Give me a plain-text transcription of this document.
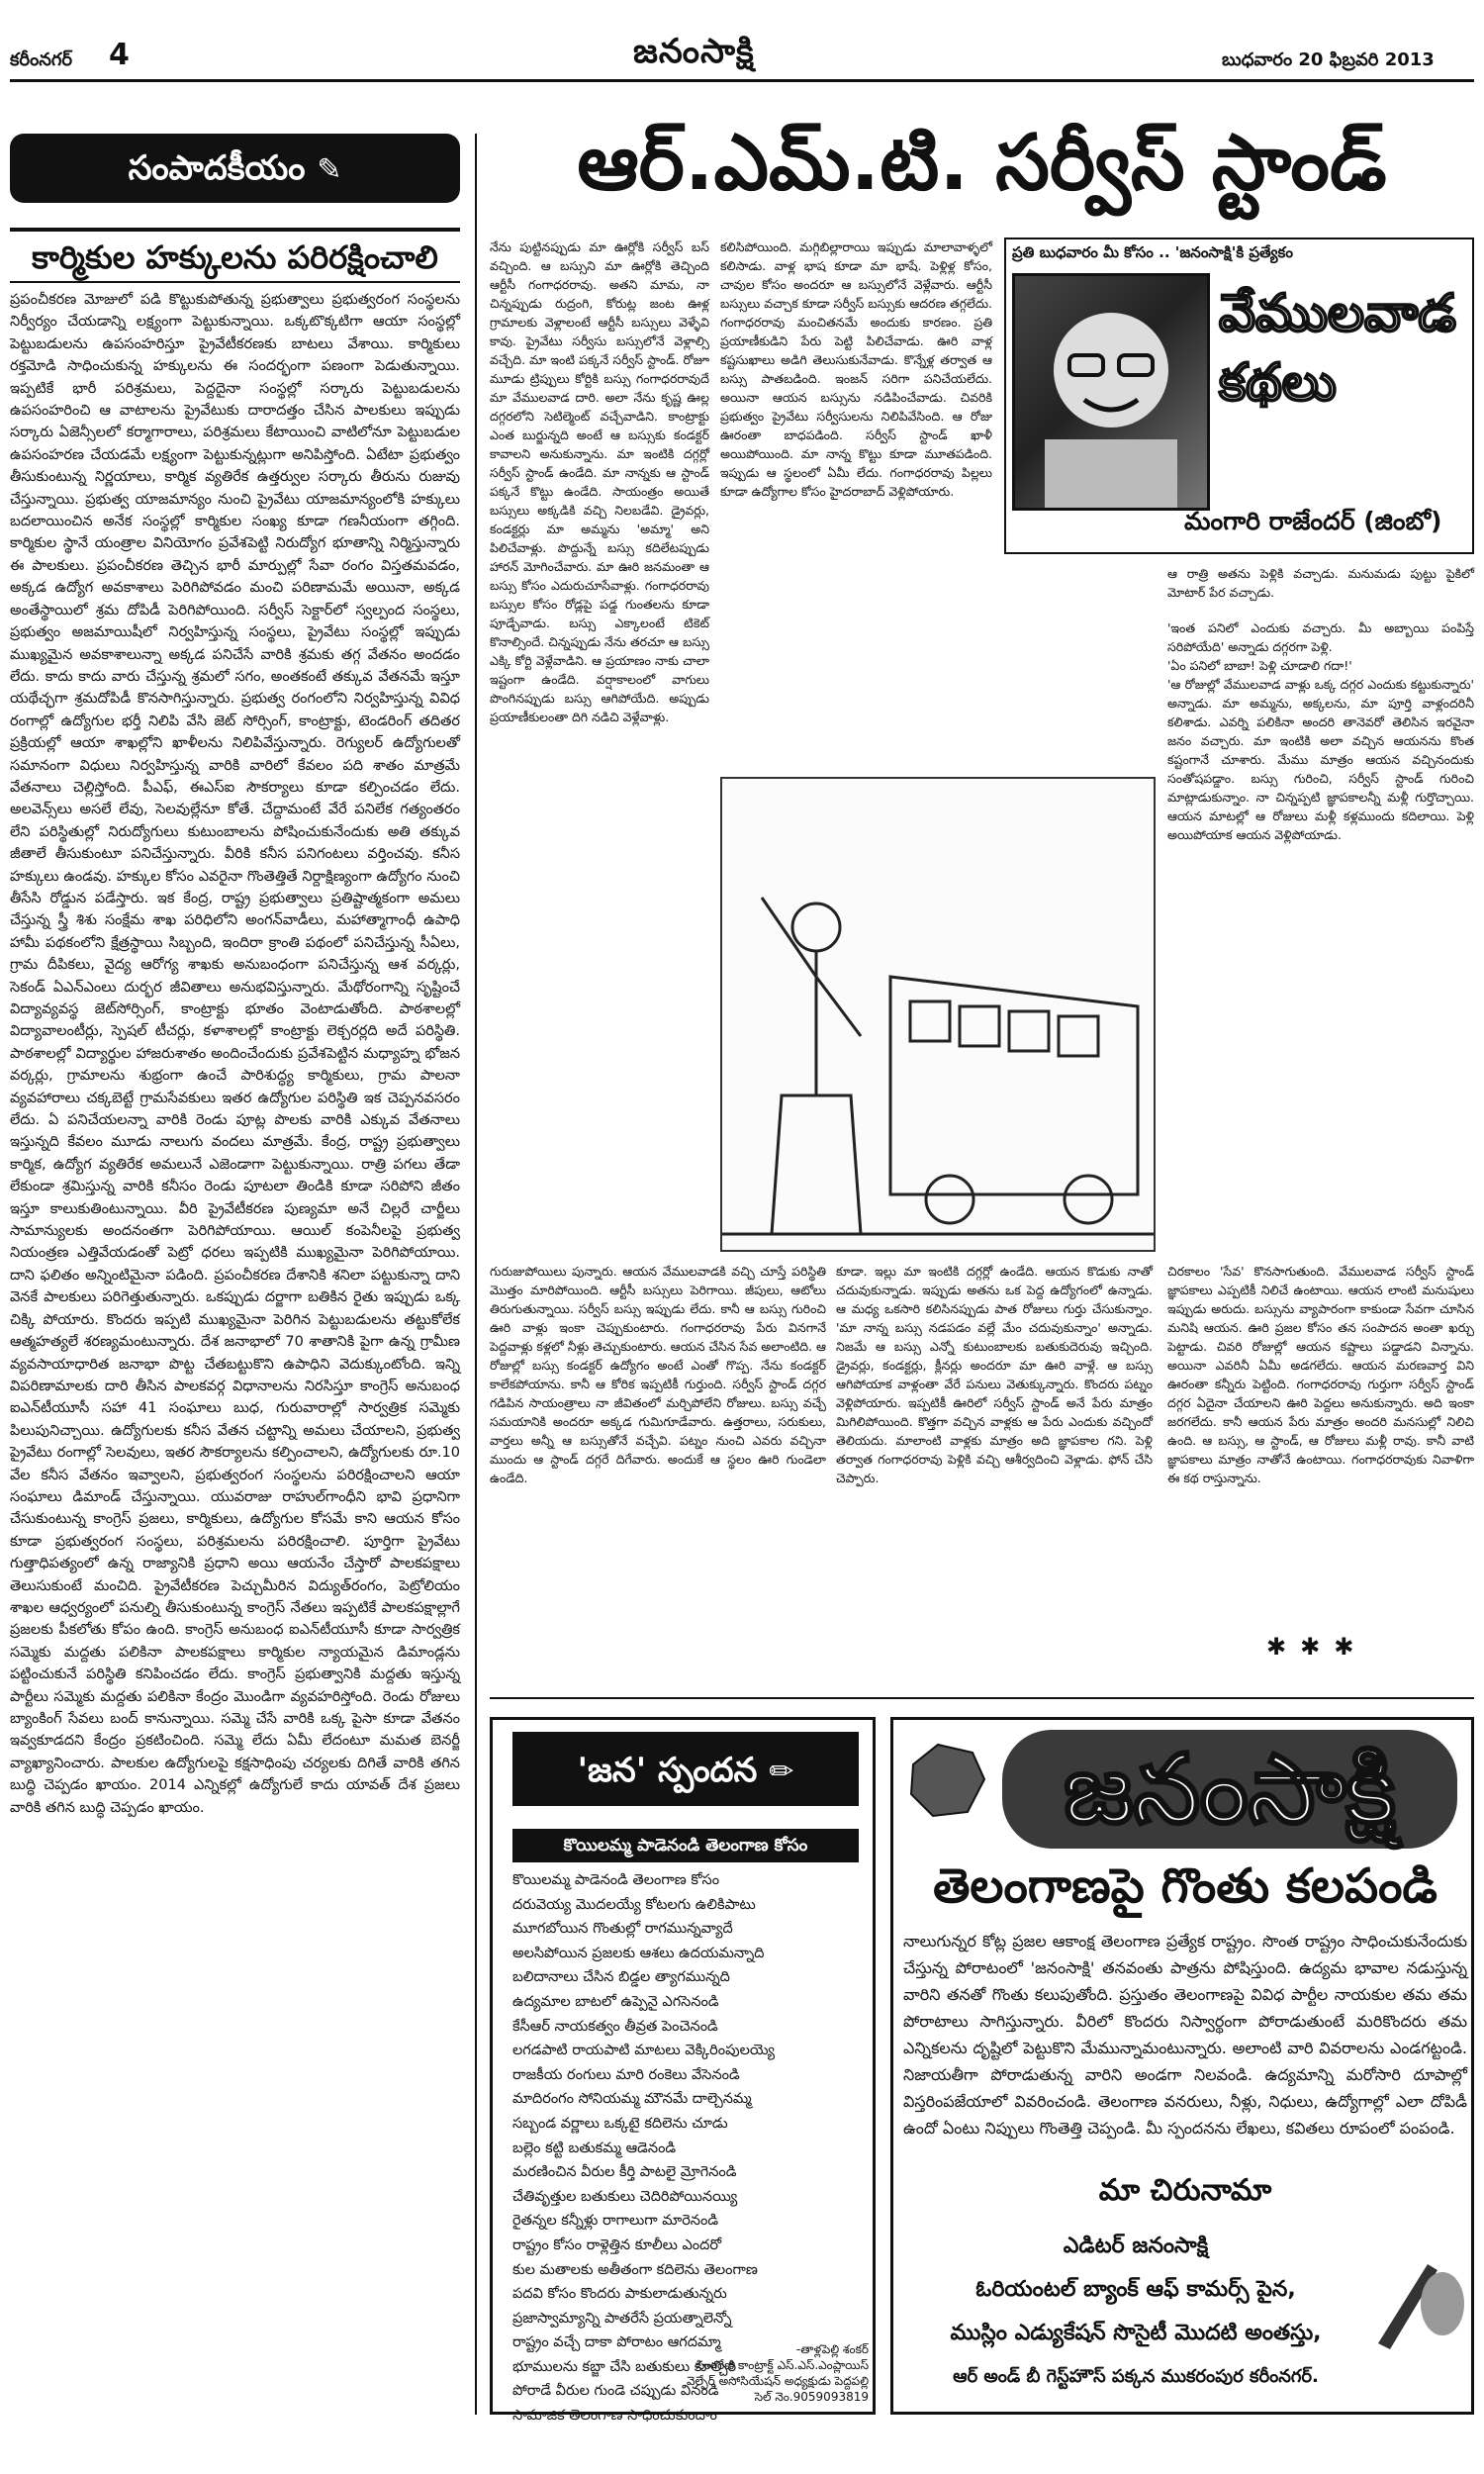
కరీంనగర్ 4	జనంసాక్షి	బుధవారం 20 ఫిబ్రవరి 2013
సంపాదకీయం ✎
కార్మికుల హక్కులను పరిరక్షించాలి
ప్రపంచీకరణ మోజులో పడి కొట్టుకుపోతున్న ప్రభుత్వాలు ప్రభుత్వరంగ సంస్థలను నిర్వీర్యం చేయడాన్ని లక్ష్యంగా పెట్టుకున్నాయి. ఒక్కటొక్కటిగా ఆయా సంస్థల్లో పెట్టుబడులను ఉపసంహరిస్తూ ప్రైవేటీకరణకు బాటలు వేశాయి. కార్మికులు రక్తమోడి సాధించుకున్న హక్కులను ఈ సందర్భంగా పణంగా పెడుతున్నాయి. ఇప్పటికే భారీ పరిశ్రమలు, పెద్దదైనా సంస్థల్లో సర్కారు పెట్టుబడులను ఉపసంహరించి ఆ వాటాలను ప్రైవేటుకు దారాదత్తం చేసిన పాలకులు ఇప్పుడు సర్కారు ఏజెన్సీలలో కర్మాగారాలు, పరిశ్రమలు కేటాయించి వాటిలోనూ పెట్టుబడుల ఉపసంహరణ చేయడమే లక్ష్యంగా పెట్టుకున్నట్లుగా అనిపిస్తోంది. ఏటేటా ప్రభుత్వం తీసుకుంటున్న నిర్ణయాలు, కార్మిక వ్యతిరేక ఉత్తర్వుల సర్కారు తీరును రుజువు చేస్తున్నాయి. ప్రభుత్వ యాజమాన్యం నుంచి ప్రైవేటు యాజమాన్యంలోకి హక్కులు బదలాయించిన అనేక సంస్థల్లో కార్మికుల సంఖ్య కూడా గణనీయంగా తగ్గింది. కార్మికుల స్థానే యంత్రాల వినియోగం ప్రవేశపెట్టి నిరుద్యోగ భూతాన్ని నిర్మిస్తున్నారు ఈ పాలకులు. ప్రపంచీకరణ తెచ్చిన భారీ మార్పుల్లో సేవా రంగం విస్తతమవడం, అక్కడ ఉద్యోగ అవకాశాలు పెరిగిపోవడం మంచి పరిణామమే అయినా, అక్కడ అంతేస్థాయిలో శ్రమ దోపిడీ పెరిగిపోయింది. సర్వీస్ సెక్టార్‌లో స్వల్పంద సంస్థలు, ప్రభుత్వం అజమాయిషీలో నిర్వహిస్తున్న సంస్థలు, ప్రైవేటు సంస్థల్లో ఇప్పుడు ముఖ్యమైన అవకాశాలున్నా అక్కడ పనిచేసే వారికి శ్రమకు తగ్గ వేతనం అందడం లేదు. కాదు కాదు వారు చేస్తున్న శ్రమలో సగం, అంతకంటే తక్కువ వేతనమే ఇస్తూ యథేచ్ఛగా శ్రమదోపిడీ కొనసాగిస్తున్నారు. ప్రభుత్వ రంగంలోని నిర్వహిస్తున్న వివిధ రంగాల్లో ఉద్యోగుల భర్తీ నిలిపి వేసి జెట్ సోర్సింగ్, కాంట్రాక్టు, టెండరింగ్ తదితర ప్రక్రియల్లో ఆయా శాఖల్లోని ఖాళీలను నిలిపివేస్తున్నారు. రెగ్యులర్ ఉద్యోగులతో సమానంగా విధులు నిర్వహిస్తున్న వారికి వారిలో కేవలం పది శాతం మాత్రమే వేతనాలు చెల్లిస్తోంది. పీఎఫ్, ఈఎస్ఐ సౌకర్యాలు కూడా కల్పించడం లేదు. అలవెన్స్‌లు అసలే లేవు, సెలవుల్లేనూ కోతే. చేద్దామంటే వేరే పనిలేక గత్యంతరం లేని పరిస్థితుల్లో నిరుద్యోగులు కుటుంబాలను పోషించుకునేందుకు అతి తక్కువ జీతాలే తీసుకుంటూ పనిచేస్తున్నారు. వీరికి కనీస పనిగంటలు వర్తించవు. కనీస హక్కులు ఉండవు. హక్కుల కోసం ఎవరైనా గొంతెత్తితే నిర్దాక్షిణ్యంగా ఉద్యోగం నుంచి తీసేసి రోడ్డున పడేస్తారు. ఇక కేంద్ర, రాష్ట్ర ప్రభుత్వాలు ప్రతిష్టాత్మకంగా అమలు చేస్తున్న స్త్రీ శిశు సంక్షేమ శాఖ పరిధిలోని అంగన్‌వాడీలు, మహాత్మాగాంధీ ఉపాధి హామీ పథకంలోని క్షేత్రస్థాయి సిబ్బంది, ఇందిరా క్రాంతి పథంలో పనిచేస్తున్న సీఏలు, గ్రామ దీపికలు, వైద్య ఆరోగ్య శాఖకు అనుబంధంగా పనిచేస్తున్న ఆశ వర్కర్లు, సెకండ్ ఏఎన్ఎంలు దుర్భర జీవితాలు అనుభవిస్తున్నారు. మేథోరంగాన్ని సృష్టించే విద్యావ్యవస్థ జెట్‌సోర్సింగ్, కాంట్రాక్టు భూతం వెంటాడుతోంది. పాఠశాలల్లో విద్యావాలంటీర్లు, స్పెషల్ టీచర్లు, కళాశాలల్లో కాంట్రాక్టు లెక్చరర్లది అదే పరిస్థితి. పాఠశాలల్లో విద్యార్థుల హాజరుశాతం అందించేందుకు ప్రవేశపెట్టిన మధ్యాహ్న భోజన వర్కర్లు, గ్రామాలను శుభ్రంగా ఉంచే పారిశుద్ధ్య కార్మికులు, గ్రామ పాలనా వ్యవహారాలు చక్కబెట్టే గ్రామసేవకులు ఇతర ఉద్యోగుల పరిస్థితి ఇక చెప్పనవసరం లేదు. ఏ పనిచేయలన్నా వారికి రెండు పూట్ల పొలకు వారికి ఎక్కువ వేతనాలు ఇస్తున్నది కేవలం మూడు నాలుగు వందలు మాత్రమే. కేంద్ర, రాష్ట్ర ప్రభుత్వాలు కార్మిక, ఉద్యోగ వ్యతిరేక అమలునే ఎజెండాగా పెట్టుకున్నాయి. రాత్రి పగలు తేడా లేకుండా శ్రమిస్తున్న వారికి కనీసం రెండు పూటలా తిండికి కూడా సరిపోని జీతం ఇస్తూ కాలుకుతింటున్నాయి. వీరి ప్రైవేటీకరణ పుణ్యమా అనే చిల్లరే చార్జీలు సామాన్యులకు అందనంతగా పెరిగిపోయాయి. ఆయిల్ కంపెనీలపై ప్రభుత్వ నియంత్రణ ఎత్తివేయడంతో పెట్రో ధరలు ఇప్పటికి ముఖ్యమైనా పెరిగిపోయాయి. దాని ఫలితం అన్నింటిమైనా పడింది. ప్రపంచీకరణ దేశానికి శనిలా పట్టుకున్నా దాని వెనకే పాలకులు పరిగెత్తుతున్నారు. ఒకప్పుడు దర్జాగా బతికిన రైతు ఇప్పుడు ఒక్క చిక్కి పోయారు. కొందరు ఇప్పటి ముఖ్యమైనా పెరిగిన పెట్టుబడులను తట్టుకోలేక ఆత్మహత్యలే శరణ్యమంటున్నారు. దేశ జనాభాలో 70 శాతానికి పైగా ఉన్న గ్రామీణ వ్యవసాయాధారిత జనాభా పొట్ట చేతబట్టుకొని ఉపాధిని వెదుక్కుంటోంది. ఇన్ని విపరిణామాలకు దారి తీసిన పాలకవర్గ విధానాలను నిరసిస్తూ కాంగ్రెస్ అనుబంధ ఐఎన్‌టీయూసీ సహా 41 సంఘాలు బుధ, గురువారాల్లో సార్వత్రిక సమ్మెకు పిలుపునిచ్చాయి. ఉద్యోగులకు కనీస వేతన చట్టాన్ని అమలు చేయాలని, ప్రభుత్వ ప్రైవేటు రంగాల్లో సెలవులు, ఇతర సౌకర్యాలను కల్పించాలని, ఉద్యోగులకు రూ.10 వేల కనీస వేతనం ఇవ్వాలని, ప్రభుత్వరంగ సంస్థలను పరిరక్షించాలని ఆయా సంఘాలు డిమాండ్ చేస్తున్నాయి. యువరాజు రాహుల్‌గాంధీని భావి ప్రధానిగా చేసుకుంటున్న కాంగ్రెస్ ప్రజలు, కార్మికులు, ఉద్యోగుల కోసమే కాని ఆయన కోసం కూడా ప్రభుత్వరంగ సంస్థలు, పరిశ్రమలను పరిరక్షించాలి. పూర్తిగా ప్రైవేటు గుత్తాధిపత్యంలో ఉన్న రాజ్యానికి ప్రధాని అయి ఆయనేం చేస్తారో పాలకపక్షాలు తెలుసుకుంటే మంచిది. ప్రైవేటీకరణ పెచ్చుమీరిన విద్యుత్‌రంగం, పెట్రోలియం శాఖల ఆధ్వర్యంలో పనుల్ని తీసుకుంటున్న కాంగ్రెస్ నేతలు ఇప్పటికే పాలకపక్షాల్లాగే ప్రజలకు పీకలోతు కోపం ఉంది. కాంగ్రెస్ అనుబంధ ఐఎన్‌టీయూసీ కూడా సార్వత్రిక సమ్మెకు మద్దతు పలికినా పాలకపక్షాలు కార్మికుల న్యాయమైన డిమాండ్లను పట్టించుకునే పరిస్థితి కనిపించడం లేదు. కాంగ్రెస్ ప్రభుత్వానికి మద్దతు ఇస్తున్న పార్టీలు సమ్మెకు మద్దతు పలికినా కేంద్రం మొండిగా వ్యవహరిస్తోంది. రెండు రోజులు బ్యాంకింగ్ సేవలు బంద్ కానున్నాయి. సమ్మె చేసే వారికి ఒక్క పైసా కూడా వేతనం ఇవ్వకూడదని కేంద్రం ప్రకటించింది. సమ్మె లేదు ఏమీ లేదంటూ మమత బెనర్జీ వ్యాఖ్యానించారు. పాలకుల ఉద్యోగులపై కక్షసాధింపు చర్యలకు దిగితే వారికి తగిన బుద్ధి చెప్పడం ఖాయం. 2014 ఎన్నికల్లో ఉద్యోగులే కాదు యావత్ దేశ ప్రజలు వారికి తగిన బుద్ధి చెప్పడం ఖాయం.
ఆర్.ఎమ్.టి. సర్వీస్ స్టాండ్
నేను పుట్టినప్పుడు మా ఊర్లోకి సర్వీస్ బస్ వచ్చింది. ఆ బస్సుని మా ఊర్లోకి తెచ్చింది ఆర్టీసీ గంగాధరరావు. అతని మామ, నా చిన్నప్పుడు రుద్రంగి, కోరుట్ల జంట ఊళ్ల గ్రామాలకు వెళ్లాలంటే ఆర్టీసీ బస్సులు వెళ్ళేవి కావు. ప్రైవేటు సర్వీసు బస్సులోనే వెళ్లాల్సి వచ్చేది. మా ఇంటి పక్కనే సర్వీస్ స్టాండ్. రోజూ మూడు ట్రిప్పులు కోర్టికి బస్సు గంగాధరరావుదే మా వేములవాడ దారి. అలా నేను కృష్ణ ఊల్ల దగ్గరలోని సెటిల్మెంట్ వచ్చేవాడిని. కాంట్రాక్టు ఎంత బుర్జున్నది అంటే ఆ బస్సుకు కండక్టర్ కావాలని అనుకున్నాను. మా ఇంటికి దగ్గర్లో సర్వీస్ స్టాండ్ ఉండేది. మా నాన్నకు ఆ స్టాండ్ పక్కనే కొట్టు ఉండేది. సాయంత్రం అయితే బస్సులు అక్కడికి వచ్చి నిలబడేవి. డ్రైవర్లు, కండక్టర్లు మా అమ్మను 'అమ్మా' అని పిలిచేవాళ్లు. పొద్దున్నే బస్సు కదిలేటప్పుడు హారన్ మోగించేవారు. మా ఊరి జనమంతా ఆ బస్సు కోసం ఎదురుచూసేవాళ్లు. గంగాధరరావు బస్సుల కోసం రోడ్లపై పడ్డ గుంతలను కూడా పూడ్చేవాడు. బస్సు ఎక్కాలంటే టికెట్ కొనాల్సిందే. చిన్నప్పుడు నేను తరచూ ఆ బస్సు ఎక్కి కోర్టి వెళ్లేవాడిని. ఆ ప్రయాణం నాకు చాలా ఇష్టంగా ఉండేది. వర్షాకాలంలో వాగులు పొంగినప్పుడు బస్సు ఆగిపోయేది. అప్పుడు ప్రయాణీకులంతా దిగి నడిచి వెళ్లేవాళ్లు.
కలిసిపోయింది. మగ్గిబిల్లారాయి ఇప్పుడు మాలావాళ్ళలో కలిసాడు. వాళ్ల భాష కూడా మా భాషే. పెళ్లిళ్ల కోసం, చావుల కోసం అందరూ ఆ బస్సులోనే వెళ్లేవారు. ఆర్టీసీ బస్సులు వచ్చాక కూడా సర్వీస్ బస్సుకు ఆదరణ తగ్గలేదు. గంగాధరరావు మంచితనమే అందుకు కారణం. ప్రతి ప్రయాణీకుడిని పేరు పెట్టి పిలిచేవాడు. ఊరి వాళ్ల కష్టసుఖాలు అడిగి తెలుసుకునేవాడు. కొన్నేళ్ల తర్వాత ఆ బస్సు పాతబడింది. ఇంజన్ సరిగా పనిచేయలేదు. అయినా ఆయన బస్సును నడిపించేవాడు. చివరికి ప్రభుత్వం ప్రైవేటు సర్వీసులను నిలిపివేసింది. ఆ రోజు ఊరంతా బాధపడింది. సర్వీస్ స్టాండ్ ఖాళీ అయిపోయింది. మా నాన్న కొట్టు కూడా మూతపడింది. ఇప్పుడు ఆ స్థలంలో ఏమీ లేదు. గంగాధరరావు పిల్లలు కూడా ఉద్యోగాల కోసం హైదరాబాద్ వెళ్లిపోయారు.
ప్రతి బుధవారం మీ కోసం .. 'జనంసాక్షి'కి ప్రత్యేకం
వేములవాడ కథలు
మంగారి రాజేందర్ (జింబో)
ఆ రాత్రి అతను పెళ్లికి వచ్చాడు. మనుమడు పుట్టు పైకిలో మోటార్ పేర వచ్చాడు.
'ఇంత పనిలో ఎందుకు వచ్చారు. మీ అబ్బాయి పంపిస్తే సరిపోయేది' అన్నాడు దగ్గరగా పెళ్లి.
'ఏం పనిలో బాబా! పెళ్లి చూడాలి గదా!'
'ఆ రోజుల్లో వేములవాడ వాళ్లు ఒక్క దగ్గర ఎందుకు కట్టుకున్నారు' అన్నాడు. మా అమ్మను, అక్కలను, మా పూర్తి వాళ్లందరినీ కలిశాడు. ఎవర్ని పలికినా అందరి తానెవరో తెలిసిన ఇరవైనా జనం వచ్చారు. మా ఇంటికి అలా వచ్చిన ఆయనను కొంత కష్టంగానే చూశారు. మేము మాత్రం ఆయన వచ్చినందుకు సంతోషపడ్డాం. బస్సు గురించి, సర్వీస్ స్టాండ్ గురించి మాట్లాడుకున్నాం. నా చిన్నప్పటి జ్ఞాపకాలన్నీ మళ్లీ గుర్తొచ్చాయి. ఆయన మాటల్లో ఆ రోజులు మళ్లీ కళ్లముందు కదిలాయి. పెళ్లి అయిపోయాక ఆయన వెళ్లిపోయాడు.
గురుజుపోయిలు పున్నారు. ఆయన వేములవాడకి వచ్చి చూస్తే పరిస్థితి మొత్తం మారిపోయింది. ఆర్టీసీ బస్సులు పెరిగాయి. జీపులు, ఆటోలు తిరుగుతున్నాయి. సర్వీస్ బస్సు ఇప్పుడు లేదు. కానీ ఆ బస్సు గురించి ఊరి వాళ్లు ఇంకా చెప్పుకుంటారు. గంగాధరరావు పేరు వినగానే పెద్దవాళ్లు కళ్లలో నీళ్లు తెచ్చుకుంటారు. ఆయన చేసిన సేవ అలాంటిది. ఆ రోజుల్లో బస్సు కండక్టర్ ఉద్యోగం అంటే ఎంతో గొప్ప. నేను కండక్టర్ కాలేకపోయాను. కానీ ఆ కోరిక ఇప్పటికీ గుర్తుంది. సర్వీస్ స్టాండ్ దగ్గర గడిపిన సాయంత్రాలు నా జీవితంలో మర్చిపోలేని రోజులు. బస్సు వచ్చే సమయానికి అందరూ అక్కడ గుమిగూడేవారు. ఉత్తరాలు, సరుకులు, వార్తలు అన్నీ ఆ బస్సుతోనే వచ్చేవి. పట్నం నుంచి ఎవరు వచ్చినా ముందు ఆ స్టాండ్ దగ్గరే దిగేవారు. అందుకే ఆ స్థలం ఊరి గుండెలా ఉండేది.
కూడా. ఇల్లు మా ఇంటికి దగ్గర్లో ఉండేది. ఆయన కొడుకు నాతో చదువుకున్నాడు. ఇప్పుడు అతను ఒక పెద్ద ఉద్యోగంలో ఉన్నాడు. ఆ మధ్య ఒకసారి కలిసినప్పుడు పాత రోజులు గుర్తు చేసుకున్నాం. 'మా నాన్న బస్సు నడపడం వల్లే మేం చదువుకున్నాం' అన్నాడు. నిజమే ఆ బస్సు ఎన్నో కుటుంబాలకు బతుకుదెరువు ఇచ్చింది. డ్రైవర్లు, కండక్టర్లు, క్లీనర్లు అందరూ మా ఊరి వాళ్లే. ఆ బస్సు ఆగిపోయాక వాళ్లంతా వేరే పనులు వెతుక్కున్నారు. కొందరు పట్నం వెళ్లిపోయారు. ఇప్పటికీ ఊరిలో సర్వీస్ స్టాండ్ అనే పేరు మాత్రం మిగిలిపోయింది. కొత్తగా వచ్చిన వాళ్లకు ఆ పేరు ఎందుకు వచ్చిందో తెలియదు. మాలాంటి వాళ్లకు మాత్రం అది జ్ఞాపకాల గని. పెళ్లి తర్వాత గంగాధరరావు పెళ్లికి వచ్చి ఆశీర్వదించి వెళ్లాడు. ఫోన్ చేసి చెప్పారు.
చిరకాలం 'సేవ' కొనసాగుతుంది. వేములవాడ సర్వీస్ స్టాండ్ జ్ఞాపకాలు ఎప్పటికీ నిలిచే ఉంటాయి. ఆయన లాంటి మనుషులు ఇప్పుడు అరుదు. బస్సును వ్యాపారంగా కాకుండా సేవగా చూసిన మనిషి ఆయన. ఊరి ప్రజల కోసం తన సంపాదన అంతా ఖర్చు పెట్టాడు. చివరి రోజుల్లో ఆయన కష్టాలు పడ్డాడని విన్నాను. అయినా ఎవరినీ ఏమీ అడగలేదు. ఆయన మరణవార్త విని ఊరంతా కన్నీరు పెట్టింది. గంగాధరరావు గుర్తుగా సర్వీస్ స్టాండ్ దగ్గర ఏదైనా చేయాలని ఊరి పెద్దలు అనుకున్నారు. అది ఇంకా జరగలేదు. కానీ ఆయన పేరు మాత్రం అందరి మనసుల్లో నిలిచి ఉంది. ఆ బస్సు, ఆ స్టాండ్, ఆ రోజులు మళ్లీ రావు. కానీ వాటి జ్ఞాపకాలు మాత్రం నాతోనే ఉంటాయి. గంగాధరరావుకు నివాళిగా ఈ కథ రాస్తున్నాను.
✱✱✱
'జన' స్పందన ✏
కొయిలమ్మ పాడెనండి తెలంగాణ కోసం
కొయిలమ్మ పాడెనండి తెలంగాణ కోసం
దరువెయ్య మొదలయ్యే కోటలగు ఉలికిపాటు
మూగబోయిన గొంతుల్లో రాగమున్నవ్యాదే
అలసిపోయిన ప్రజలకు ఆశలు ఉదయమన్నాది
బలిదానాలు చేసిన బిడ్డల త్యాగమున్నది
ఉద్యమాల బాటలో ఉప్పెనై ఎగసెనండి
కేసీఆర్ నాయకత్వం తీవ్రత పెంచెనండి
లగడపాటి రాయపాటి మాటలు వెక్కిరింపులయ్యె
రాజకీయ రంగులు మారి రంకెలు వేసెనండి
మాదిరంగం సోనియమ్మ మౌనమే దాల్చెనమ్మ
సబ్బండ వర్ణాలు ఒక్కటై కదిలెను చూడు
బల్లెం కట్టి బతుకమ్మ ఆడెనండి
మరణించిన వీరుల కీర్తి పాటలై మ్రోగెనండి
చేతివృత్తుల బతుకులు చెదిరిపోయినయ్యి
రైతన్నల కన్నీళ్లు రాగాలుగా మారెనండి
రాష్ట్రం కోసం రాళ్లెత్తిన కూలీలు ఎందరో
కుల మతాలకు అతీతంగా కదిలెను తెలంగాణ
పదవి కోసం కొందరు పాకులాడుతున్నరు
ప్రజాస్వామ్యాన్ని పాతరేసే ప్రయత్నాలెన్నో
రాష్ట్రం వచ్చే దాకా పోరాటం ఆగదమ్మా
భూములను కబ్జా చేసి బతుకులు కూల్చిరి
పోరాడే వీరుల గుండె చప్పుడు వినండి
సామాజిక తెలంగాణ సాధించుకుందాం
-తాళ్లపెల్లి శంకర్
సింగరేణి కాంట్రాక్ట్ ఎస్.ఎస్.ఎంప్లాయిస్
వెల్ఫేర్ అసోసియేషన్ అధ్యక్షుడు పెద్దపల్లి
సెల్ నెం.9059093819
జనంసాక్షి
తెలంగాణపై గొంతు కలపండి
నాలుగున్నర కోట్ల ప్రజల ఆకాంక్ష తెలంగాణ ప్రత్యేక రాష్ట్రం. సొంత రాష్ట్రం సాధించుకునేందుకు చేస్తున్న పోరాటంలో 'జనంసాక్షి' తనవంతు పాత్రను పోషిస్తుంది. ఉద్యమ భావాల నడుస్తున్న వారిని తనతో గొంతు కలుపుతోంది. ప్రస్తుతం తెలంగాణపై వివిధ పార్టీల నాయకుల తమ తమ పోరాటాలు సాగిస్తున్నారు. వీరిలో కొందరు నిస్వార్థంగా పోరాడుతుంటే మరికొందరు తమ ఎన్నికలను దృష్టిలో పెట్టుకొని మేమున్నామంటున్నారు. అలాంటి వారి వివరాలను ఎండగట్టండి. నిజాయతీగా పోరాడుతున్న వారిని అండగా నిలవండి. ఉద్యమాన్ని మరోసారి దూపాల్లో విస్తరింపజేయాలో వివరించండి. తెలంగాణ వనరులు, నీళ్లు, నిధులు, ఉద్యోగాల్లో ఎలా దోపిడీ ఉందో ఏంటు నిప్పులు గొంతెత్తి చెప్పండి. మీ స్పందనను లేఖలు, కవితలు రూపంలో పంపండి.
మా చిరునామా
ఎడిటర్ జనంసాక్షి
ఓరియంటల్ బ్యాంక్ ఆఫ్ కామర్స్ పైన,
ముస్లిం ఎడ్యుకేషన్ సొసైటీ మొదటి అంతస్తు,
ఆర్ అండ్ బీ గెస్ట్‌హౌస్ పక్కన ముకరంపుర కరీంనగర్.
